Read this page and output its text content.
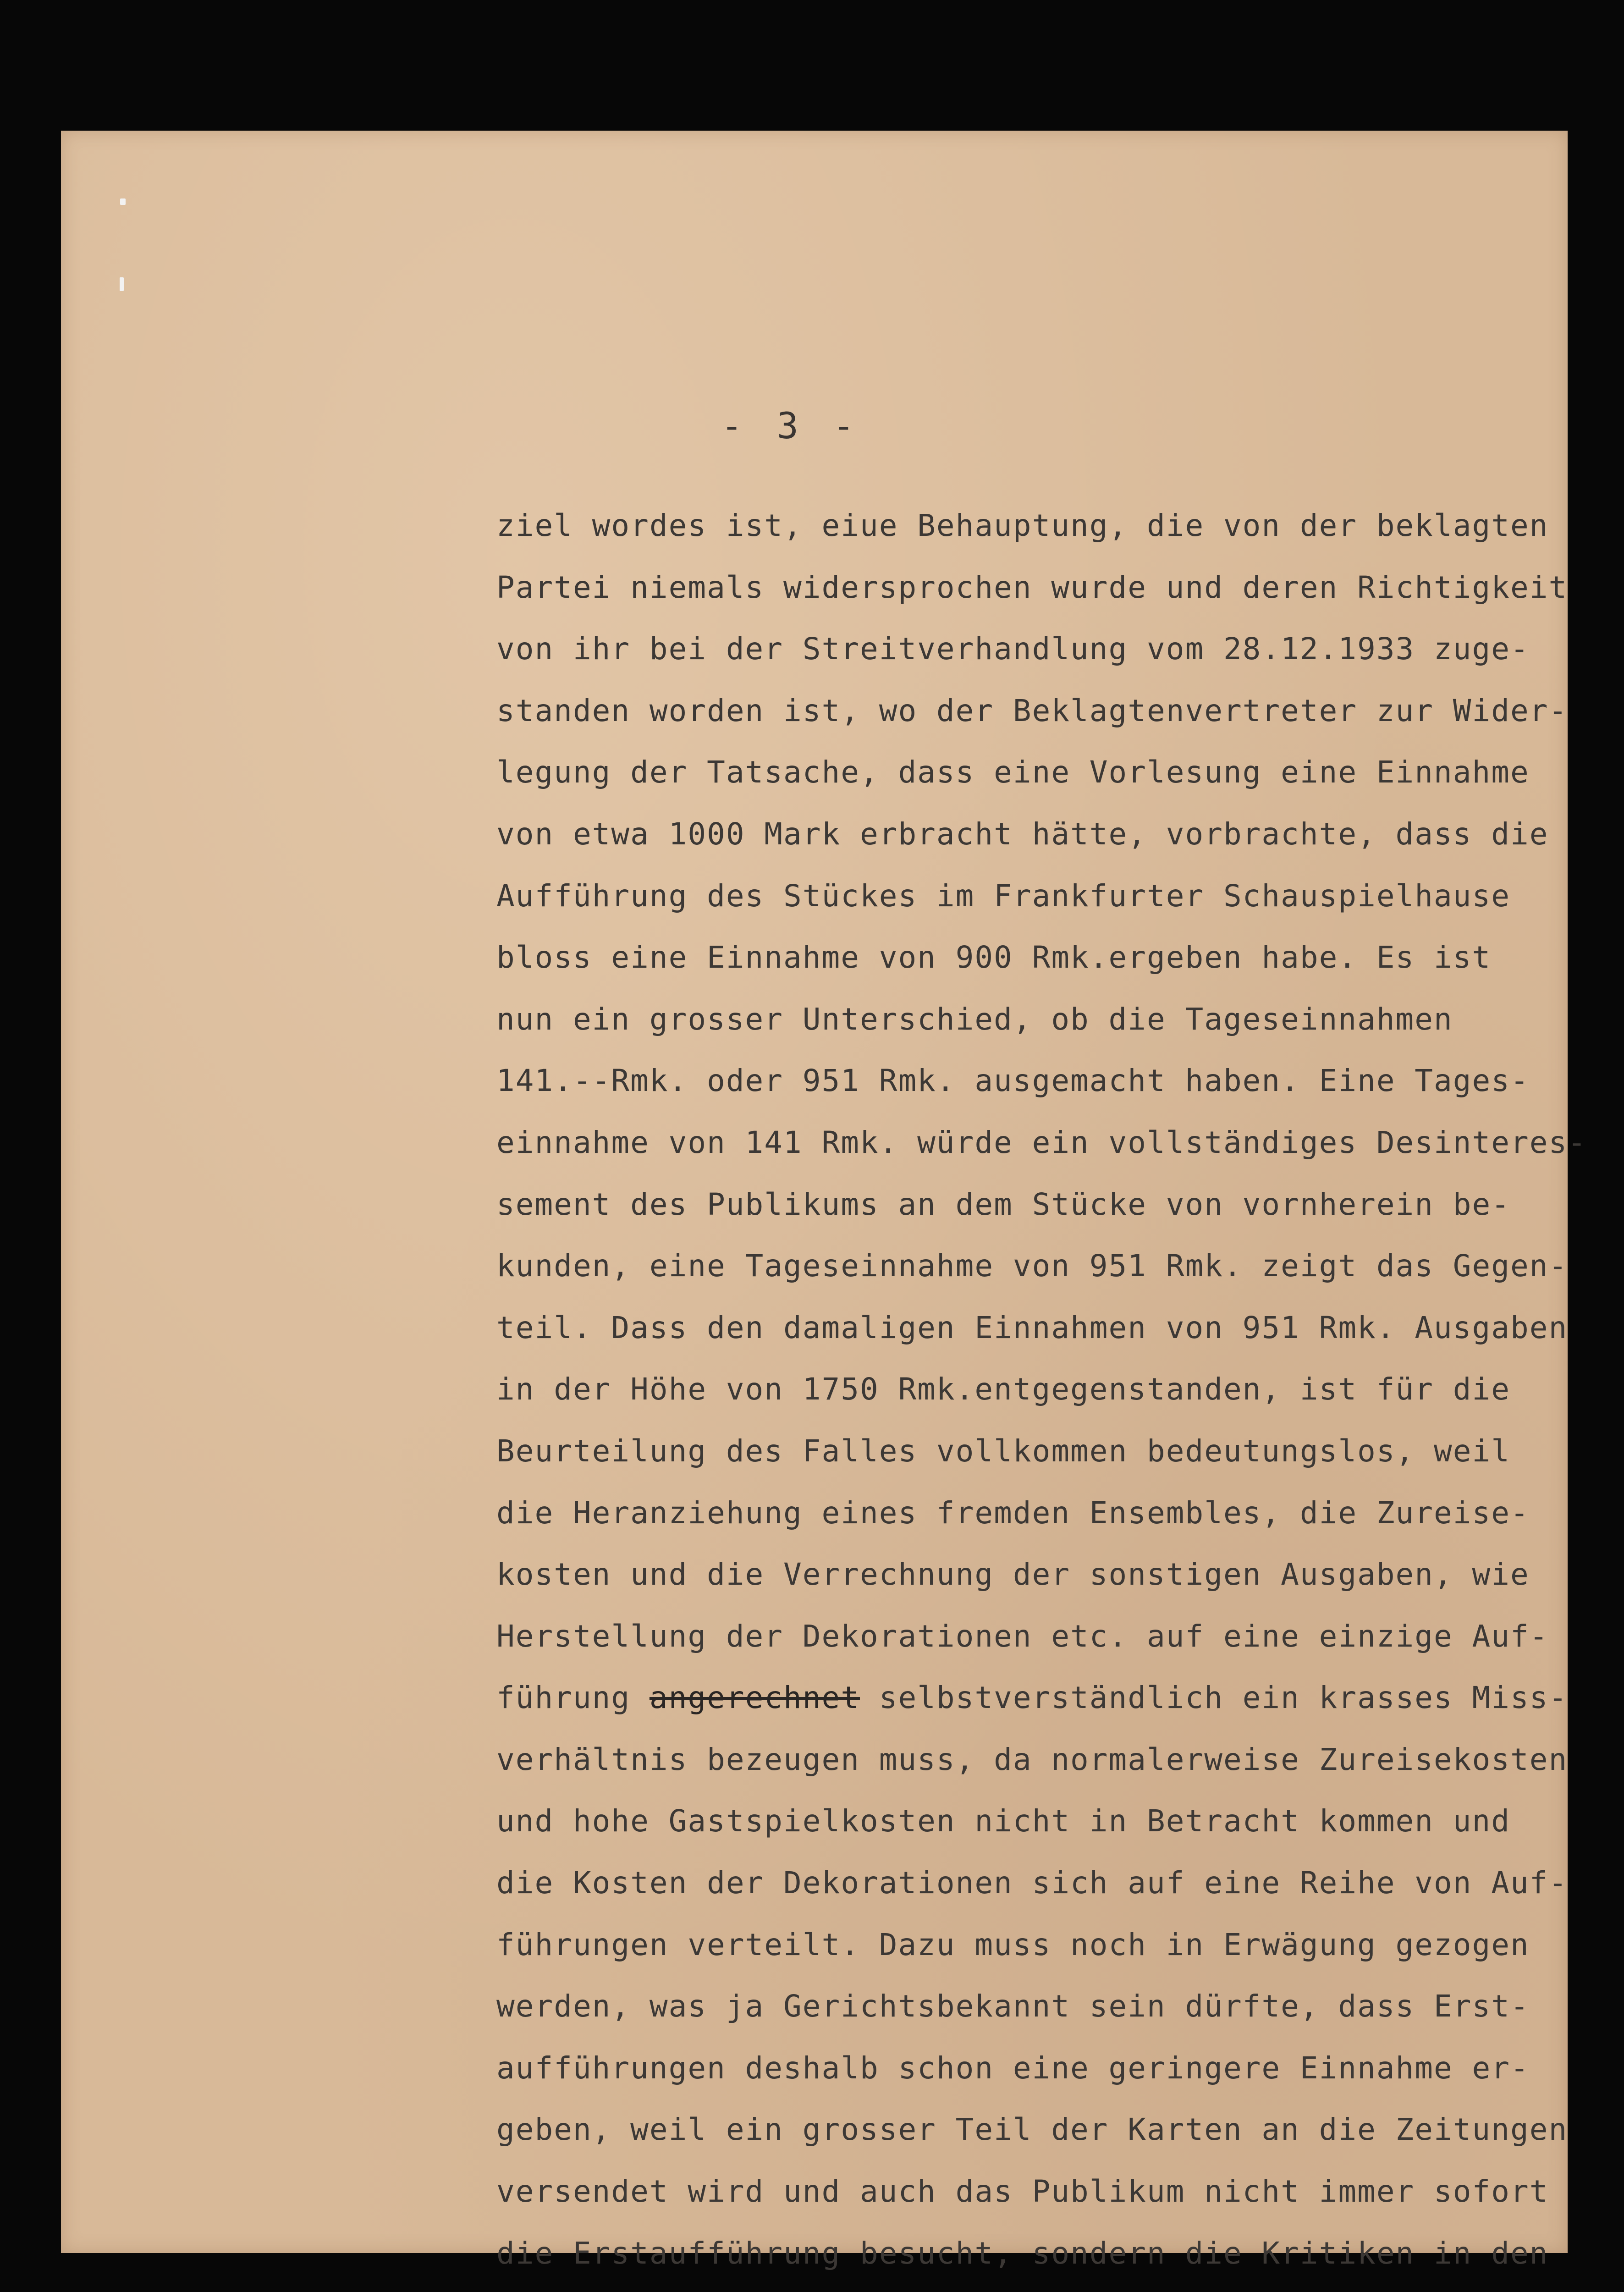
- 3 -
ziel wordes ist, eiue Behauptung, die von der beklagten
Partei niemals widersprochen wurde und deren Richtigkeit
von ihr bei der Streitverhandlung vom 28.12.1933 zuge-
standen worden ist, wo der Beklagtenvertreter zur Wider-
legung der Tatsache, dass eine Vorlesung eine Einnahme
von etwa 1000 Mark erbracht hätte, vorbrachte, dass die
Aufführung des Stückes im Frankfurter Schauspielhause
bloss eine Einnahme von 900 Rmk.ergeben habe. Es ist
nun ein grosser Unterschied, ob die Tageseinnahmen
141.--Rmk. oder 951 Rmk. ausgemacht haben. Eine Tages-
einnahme von 141 Rmk. würde ein vollständiges Desinteres-
sement des Publikums an dem Stücke von vornherein be-
kunden, eine Tageseinnahme von 951 Rmk. zeigt das Gegen-
teil. Dass den damaligen Einnahmen von 951 Rmk. Ausgaben
in der Höhe von 1750 Rmk.entgegenstanden, ist für die
Beurteilung des Falles vollkommen bedeutungslos, weil
die Heranziehung eines fremden Ensembles, die Zureise-
kosten und die Verrechnung der sonstigen Ausgaben, wie
Herstellung der Dekorationen etc. auf eine einzige Auf-
führung angerechnet selbstverständlich ein krasses Miss-
verhältnis bezeugen muss, da normalerweise Zureisekosten
und hohe Gastspielkosten nicht in Betracht kommen und
die Kosten der Dekorationen sich auf eine Reihe von Auf-
führungen verteilt. Dazu muss noch in Erwägung gezogen
werden, was ja Gerichtsbekannt sein dürfte, dass Erst-
aufführungen deshalb schon eine geringere Einnahme er-
geben, weil ein grosser Teil der Karten an die Zeitungen
versendet wird und auch das Publikum nicht immer sofort
die Erstaufführung besucht, sondern die Kritiken in den
